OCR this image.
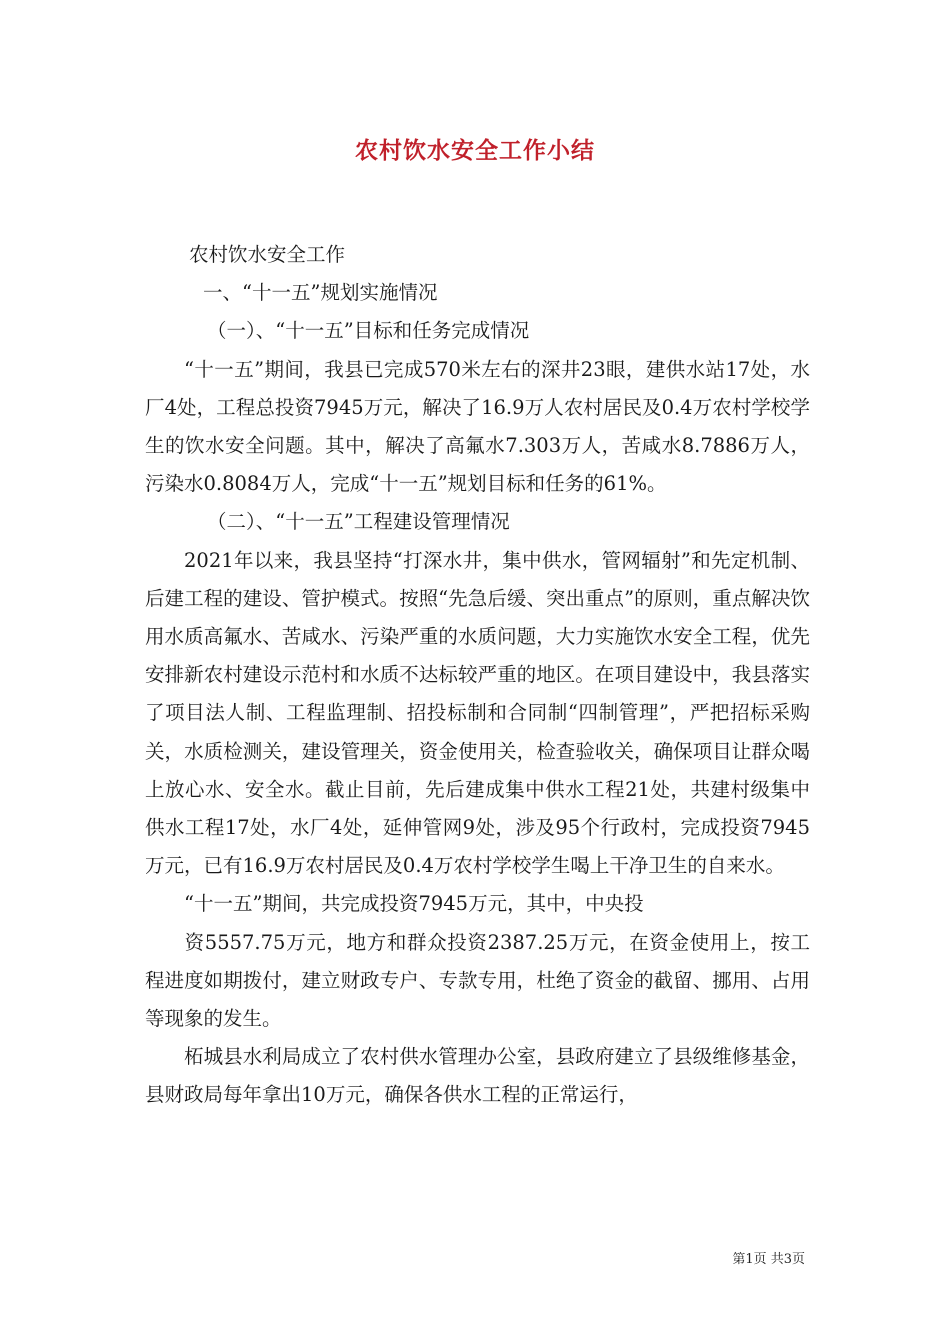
农村饮水安全工作小结

农村饮水安全工作

一、“十一五”规划实施情况

（一）、“十一五”目标和任务完成情况

“十一五”期间，我县已完成570米左右的深井23眼，建供水站17处，水厂4处，工程总投资7945万元，解决了16.9万人农村居民及0.4万农村学校学生的饮水安全问题。其中，解决了高氟水7.303万人，苦咸水8.7886万人，污染水0.8084万人，完成“十一五”规划目标和任务的61%。

（二）、“十一五”工程建设管理情况

2021年以来，我县坚持“打深水井，集中供水，管网辐射”和先定机制、后建工程的建设、管护模式。按照“先急后缓、突出重点”的原则，重点解决饮用水质高氟水、苦咸水、污染严重的水质问题，大力实施饮水安全工程，优先安排新农村建设示范村和水质不达标较严重的地区。在项目建设中，我县落实了项目法人制、工程监理制、招投标制和合同制“四制管理”，严把招标采购关，水质检测关，建设管理关，资金使用关，检查验收关，确保项目让群众喝上放心水、安全水。截止目前，先后建成集中供水工程21处，共建村级集中供水工程17处，水厂4处，延伸管网9处，涉及95个行政村，完成投资7945万元，已有16.9万农村居民及0.4万农村学校学生喝上干净卫生的自来水。

“十一五”期间，共完成投资7945万元，其中，中央投

资5557.75万元，地方和群众投资2387.25万元，在资金使用上，按工程进度如期拨付，建立财政专户、专款专用，杜绝了资金的截留、挪用、占用等现象的发生。

柘城县水利局成立了农村供水管理办公室，县政府建立了县级维修基金，县财政局每年拿出10万元，确保各供水工程的正常运行，

第1页 共3页
